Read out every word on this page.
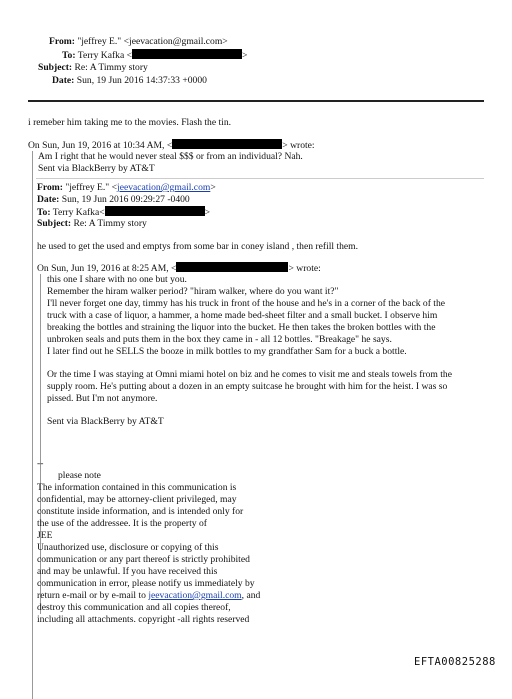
From: "jeffrey E." <jeevacation@gmail.com>
To: Terry Kafka <	>
Subject: Re: A Timmy story
Date: Sun, 19 Jun 2016 14:37:33 +0000
i remeber him taking me to the movies. Flash the tin.
On Sun, Jun 19, 2016 at 10:34 AM, <	> wrote:
Am I right that he would never steal $$$ or from an individual? Nah.
Sent via BlackBerry by AT&T
From: "jeffrey E." <jeevacation@gmail.com>
Date: Sun, 19 Jun 2016 09:29:27 -0400
To: Terry Kafka<	>
Subject: Re: A Timmy story
he used to get the used and emptys from some bar in coney island , then refill them.
On Sun, Jun 19, 2016 at 8:25 AM, <	> wrote:
this one I share with no one but you.
Remember the hiram walker period? "hiram walker, where do you want it?"
I'll never forget one day, timmy has his truck in front of the house and he's in a corner of the back of the
truck with a case of liquor, a hammer, a home made bed-sheet filter and a small bucket. I observe him
breaking the bottles and straining the liquor into the bucket. He then takes the broken bottles with the
unbroken seals and puts them in the box they came in - all 12 bottles. "Breakage" he says.
I later find out he SELLS the booze in milk bottles to my grandfather Sam for a buck a bottle.
Or the time I was staying at Omni miami hotel on biz and he comes to visit me and steals towels from the
supply room. He's putting about a dozen in an empty suitcase he brought with him for the heist. I was so
pissed. But I'm not anymore.
Sent via BlackBerry by AT&T
--
please note
The information contained in this communication is
confidential, may be attorney-client privileged, may
constitute inside information, and is intended only for
the use of the addressee. It is the property of
JEE
Unauthorized use, disclosure or copying of this
communication or any part thereof is strictly prohibited
and may be unlawful. If you have received this
communication in error, please notify us immediately by
return e-mail or by e-mail to jeevacation@gmail.com, and
destroy this communication and all copies thereof,
including all attachments. copyright -all rights reserved
EFTA00825288
